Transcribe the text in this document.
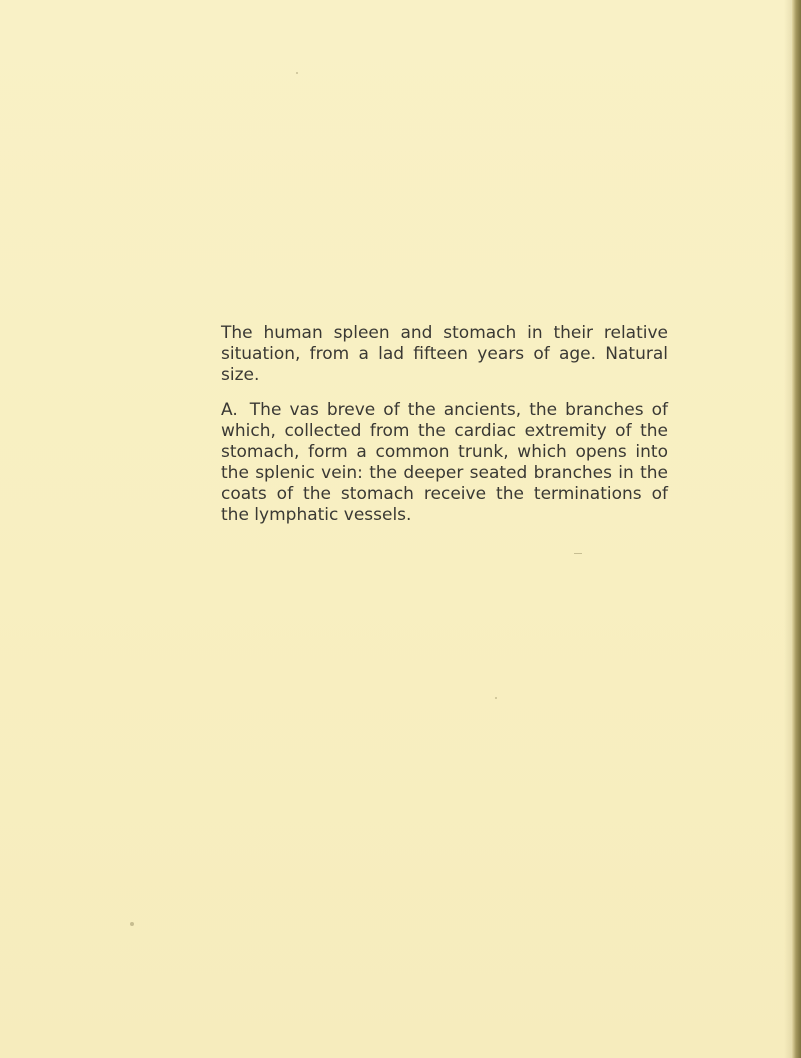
The human spleen and stomach in their relative situation, from a lad fifteen years of age. Natural size.

A. The vas breve of the ancients, the branches of which, collected from the cardiac extremity of the stomach, form a common trunk, which opens into the splenic vein: the deeper seated branches in the coats of the stomach receive the terminations of the lymphatic vessels.
